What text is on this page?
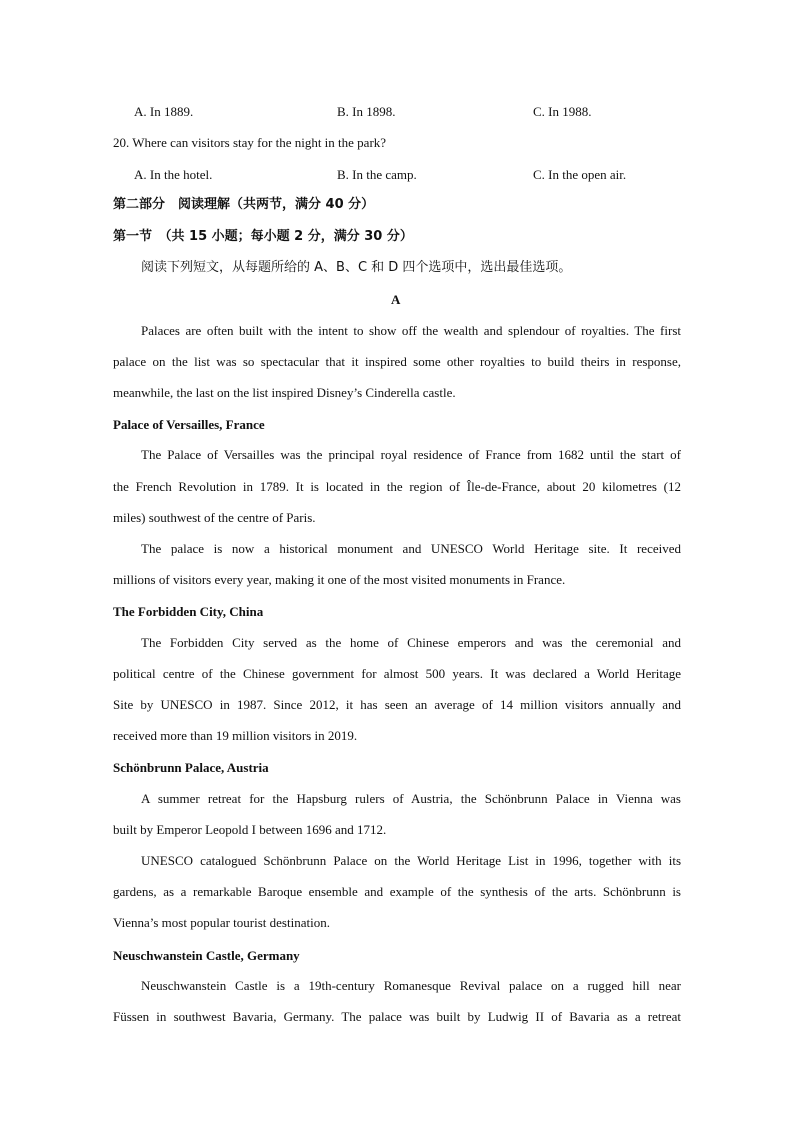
A. In 1889.	B. In 1898.	C. In 1988.
20. Where can visitors stay for the night in the park?
A. In the hotel.	B. In the camp.	C. In the open air.
第二部分　阅读理解（共两节，满分 40 分）
第一节　（共 15 小题；每小题 2 分，满分 30 分）
阅读下列短文，从每题所给的 A、B、C 和 D 四个选项中，选出最佳选项。
A
Palaces are often built with the intent to show off the wealth and splendour of royalties. The first
palace on the list was so spectacular that it inspired some other royalties to build theirs in response,
meanwhile, the last on the list inspired Disney’s Cinderella castle.
Palace of Versailles, France
The Palace of Versailles was the principal royal residence of France from 1682 until the start of
the French Revolution in 1789. It is located in the region of Île-de-France, about 20 kilometres (12
miles) southwest of the centre of Paris.
The palace is now a historical monument and UNESCO World Heritage site. It received
millions of visitors every year, making it one of the most visited monuments in France.
The Forbidden City, China
The Forbidden City served as the home of Chinese emperors and was the ceremonial and
political centre of the Chinese government for almost 500 years. It was declared a World Heritage
Site by UNESCO in 1987. Since 2012, it has seen an average of 14 million visitors annually and
received more than 19 million visitors in 2019.
Schönbrunn Palace, Austria
A summer retreat for the Hapsburg rulers of Austria, the Schönbrunn Palace in Vienna was
built by Emperor Leopold I between 1696 and 1712.
UNESCO catalogued Schönbrunn Palace on the World Heritage List in 1996, together with its
gardens, as a remarkable Baroque ensemble and example of the synthesis of the arts. Schönbrunn is
Vienna’s most popular tourist destination.
Neuschwanstein Castle, Germany
Neuschwanstein Castle is a 19th-century Romanesque Revival palace on a rugged hill near
Füssen in southwest Bavaria, Germany. The palace was built by Ludwig II of Bavaria as a retreat
